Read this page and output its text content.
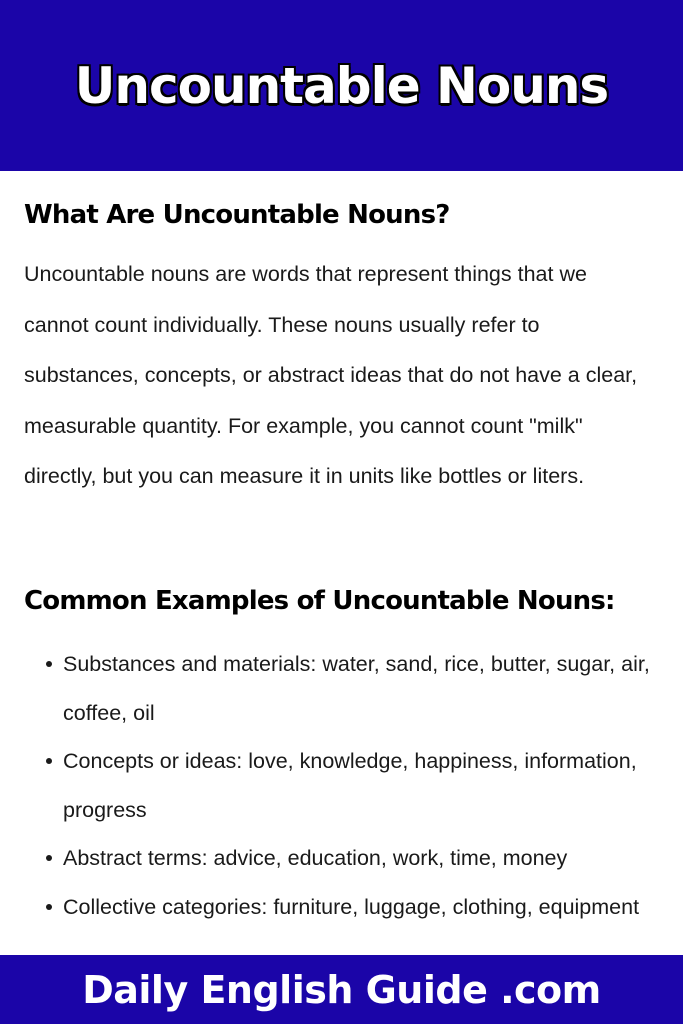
Uncountable Nouns
What Are Uncountable Nouns?

Uncountable nouns are words that represent things that we cannot count individually. These nouns usually refer to substances, concepts, or abstract ideas that do not have a clear, measurable quantity. For example, you cannot count "milk" directly, but you can measure it in units like bottles or liters.

Common Examples of Uncountable Nouns:
Substances and materials: water, sand, rice, butter, sugar, air, coffee, oil
Concepts or ideas: love, knowledge, happiness, information, progress
Abstract terms: advice, education, work, time, money
Collective categories: furniture, luggage, clothing, equipment
Daily English Guide .com
